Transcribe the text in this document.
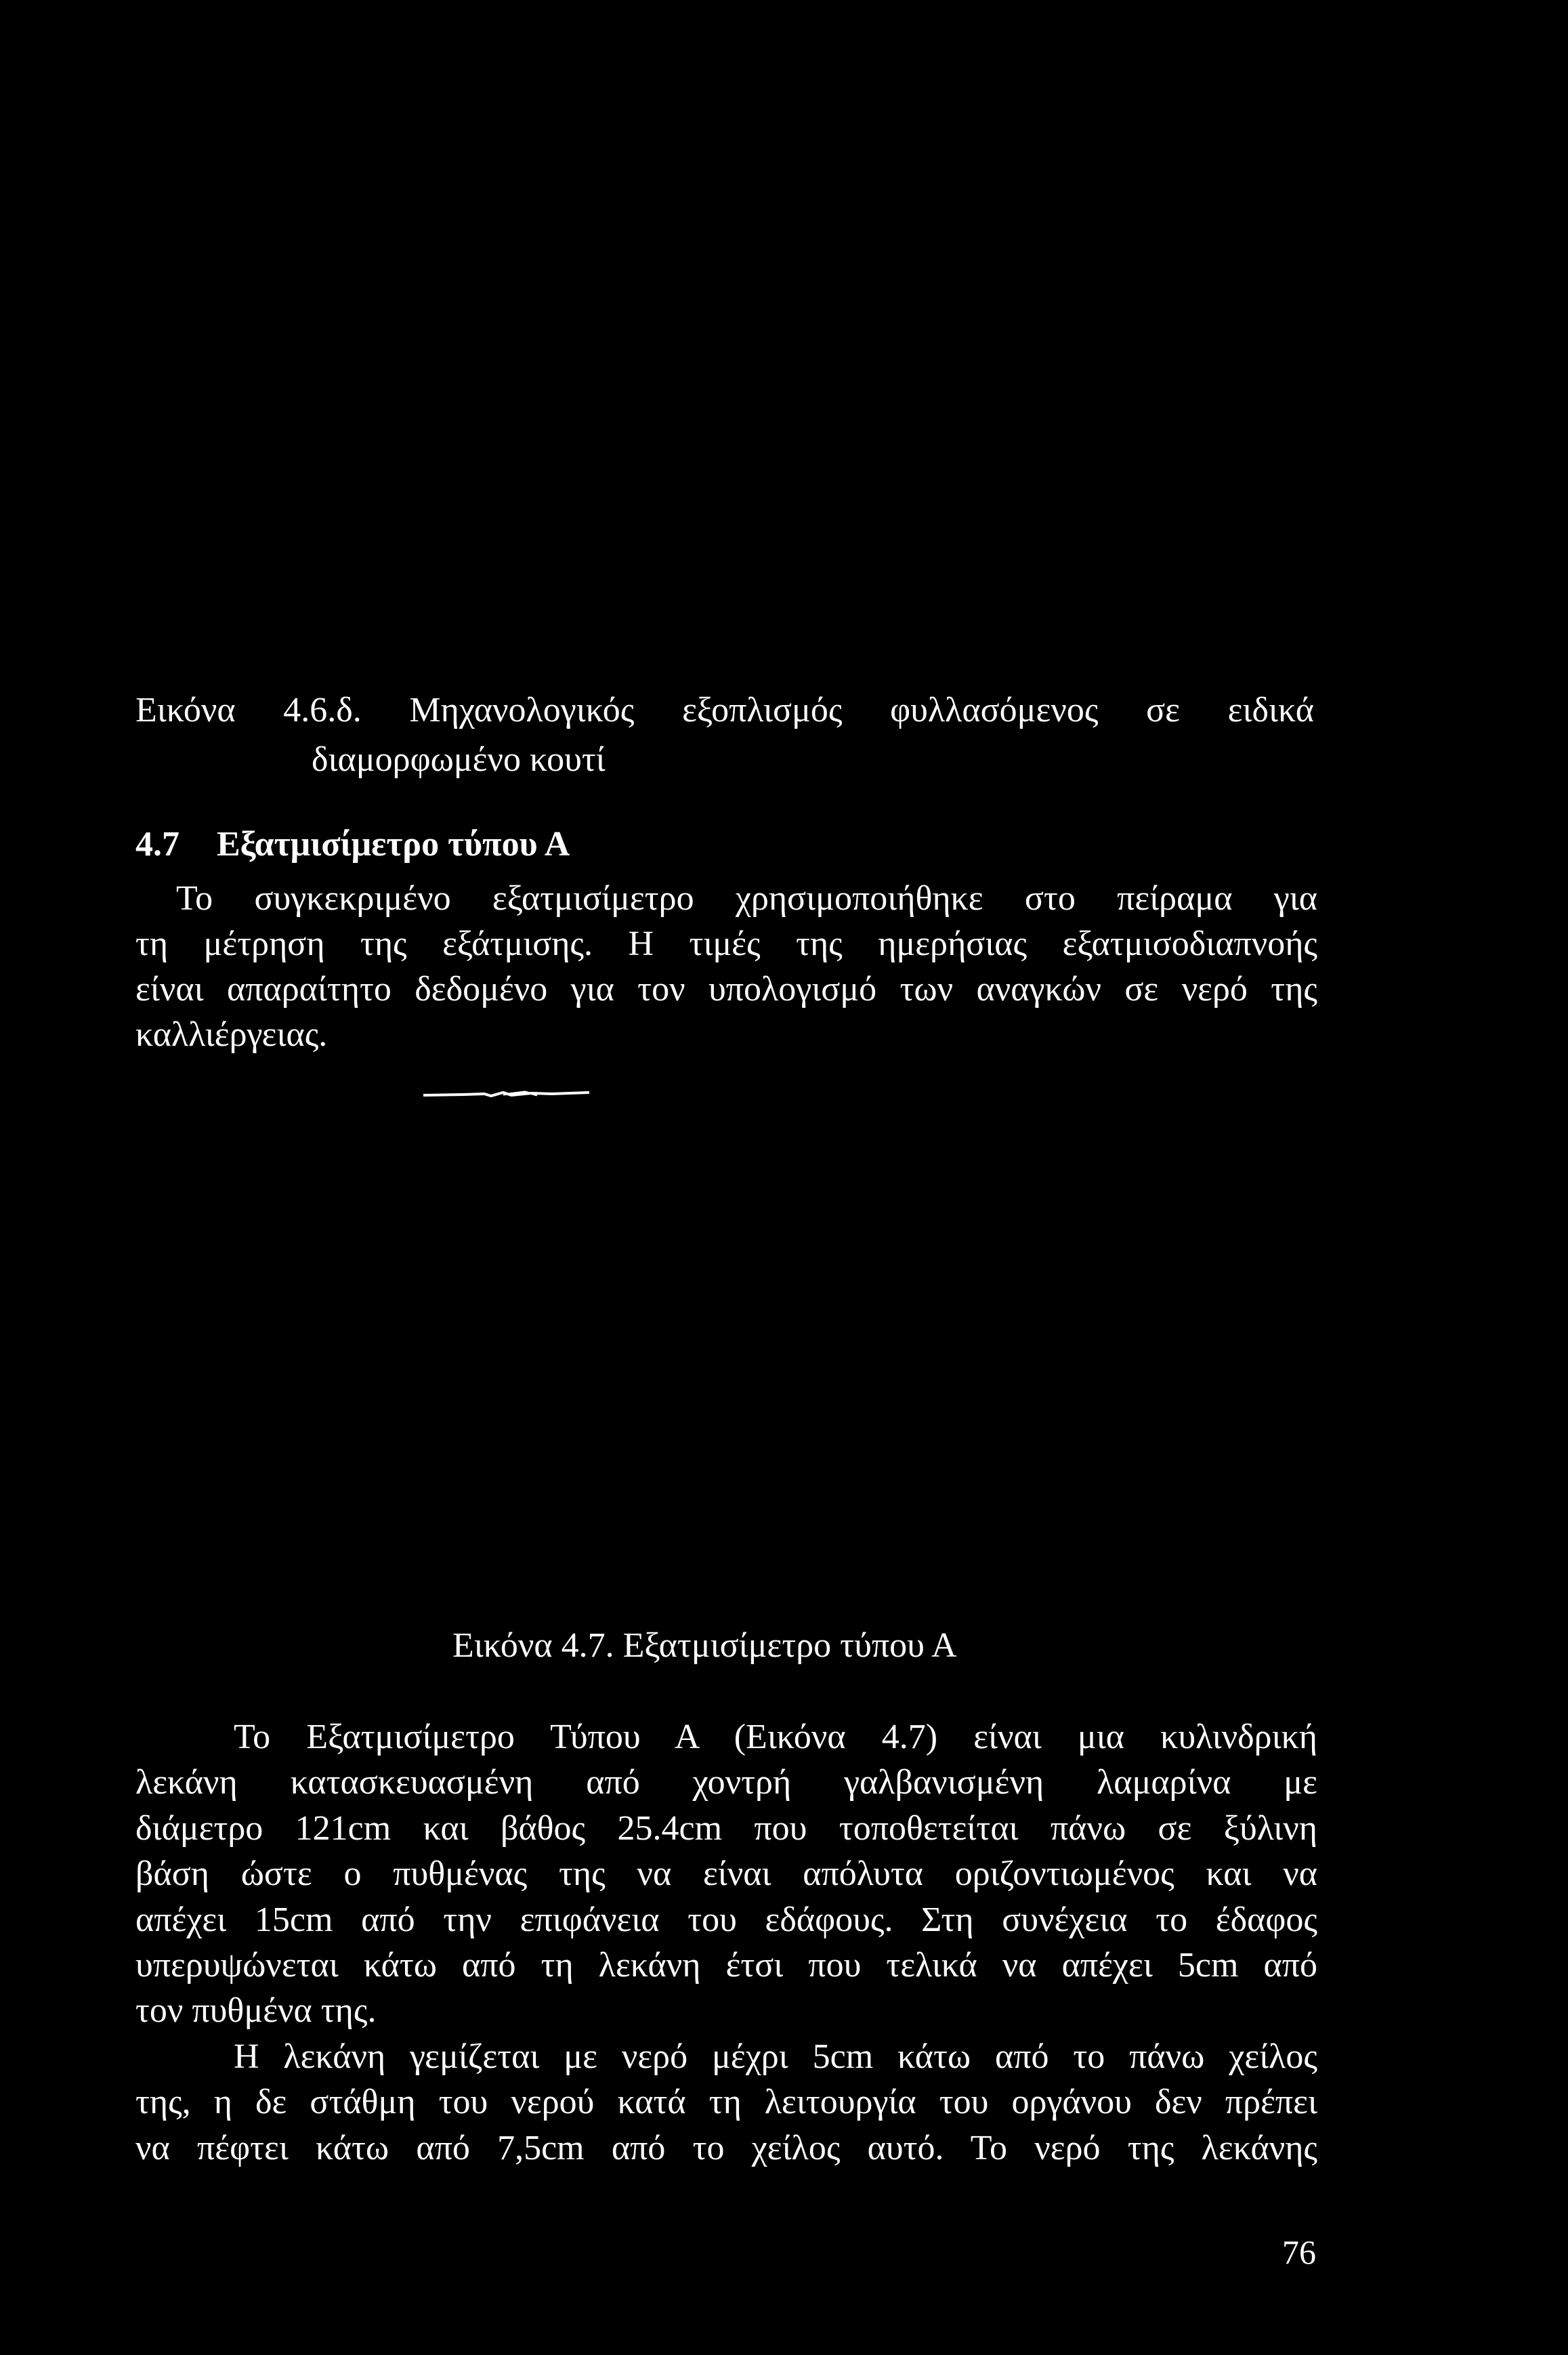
Εικόνα 4.6.δ. Μηχανολογικός εξοπλισμός φυλλασόμενος σε ειδικά

διαμορφωμένο κουτί

4.7 Εξατμισίμετρο τύπου Α

Το συγκεκριμένο εξατμισίμετρο χρησιμοποιήθηκε στο πείραμα για

τη μέτρηση της εξάτμισης. Η τιμές της ημερήσιας εξατμισοδιαπνοής

είναι απαραίτητο δεδομένο για τον υπολογισμό των αναγκών σε νερό της

καλλιέργειας.

Εικόνα 4.7. Εξατμισίμετρο τύπου Α

Το Εξατμισίμετρο Τύπου Α (Εικόνα 4.7) είναι μια κυλινδρική

λεκάνη κατασκευασμένη από χοντρή γαλβανισμένη λαμαρίνα με

διάμετρο 121cm και βάθος 25.4cm που τοποθετείται πάνω σε ξύλινη

βάση ώστε ο πυθμένας της να είναι απόλυτα οριζοντιωμένος και να

απέχει 15cm από την επιφάνεια του εδάφους. Στη συνέχεια το έδαφος

υπερυψώνεται κάτω από τη λεκάνη έτσι που τελικά να απέχει 5cm από

τον πυθμένα της.

Η λεκάνη γεμίζεται με νερό μέχρι 5cm κάτω από το πάνω χείλος

της, η δε στάθμη του νερού κατά τη λειτουργία του οργάνου δεν πρέπει

να πέφτει κάτω από 7,5cm από το χείλος αυτό. Το νερό της λεκάνης

76
